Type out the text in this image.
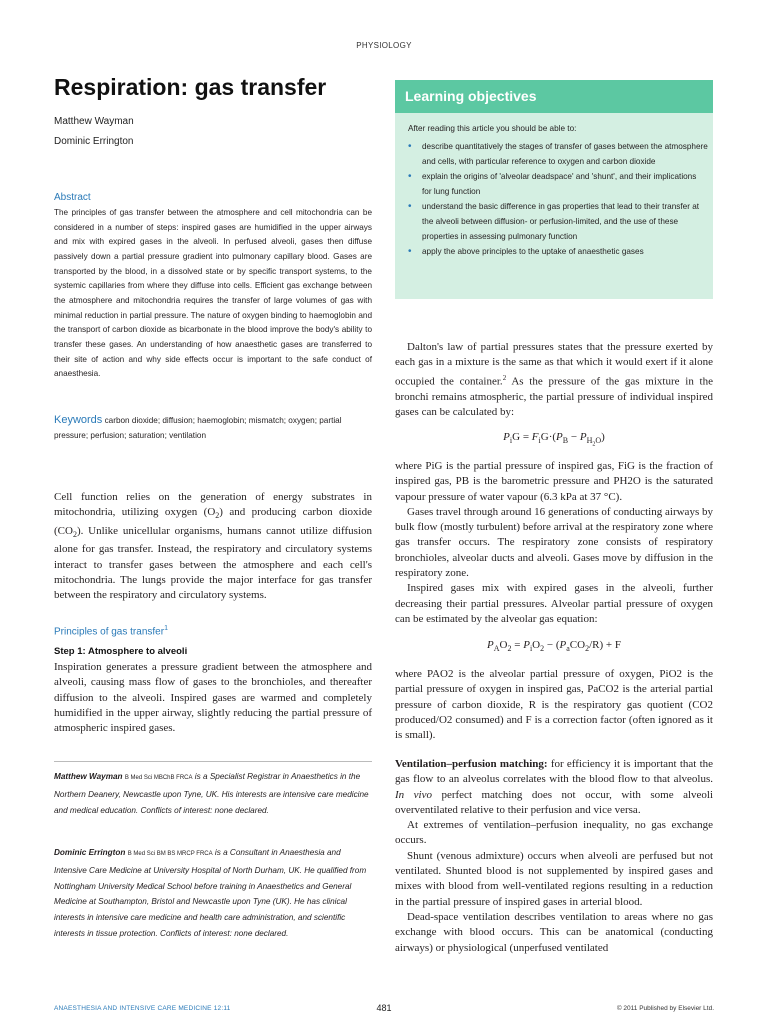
PHYSIOLOGY
Respiration: gas transfer
Matthew Wayman
Dominic Errington
Abstract
The principles of gas transfer between the atmosphere and cell mitochondria can be considered in a number of steps: inspired gases are humidified in the upper airways and mix with expired gases in the alveoli. In perfused alveoli, gases then diffuse passively down a partial pressure gradient into pulmonary capillary blood. Gases are transported by the blood, in a dissolved state or by specific transport systems, to the systemic capillaries from where they diffuse into cells. Efficient gas exchange between the atmosphere and mitochondria requires the transfer of large volumes of gas with minimal reduction in partial pressure. The nature of oxygen binding to haemoglobin and the transport of carbon dioxide as bicarbonate in the blood improve the body's ability to transfer these gases. An understanding of how anaesthetic gases are transferred to their site of action and why side effects occur is important to the safe conduct of anaesthesia.
Keywords carbon dioxide; diffusion; haemoglobin; mismatch; oxygen; partial pressure; perfusion; saturation; ventilation
Cell function relies on the generation of energy substrates in mitochondria, utilizing oxygen $(O_2)$ and producing carbon dioxide $(CO_2)$. Unlike unicellular organisms, humans cannot utilize diffusion alone for gas transfer. Instead, the respiratory and circulatory systems interact to transfer gases between the atmosphere and each cell's mitochondria. The lungs provide the major interface for gas transfer between the respiratory and circulatory systems.
Principles of gas transfer$^1$
Step 1: Atmosphere to alveoli
Inspiration generates a pressure gradient between the atmosphere and alveoli, causing mass flow of gases to the bronchioles, and thereafter diffusion to the alveoli. Inspired gases are warmed and completely humidified in the upper airway, slightly reducing the partial pressure of atmospheric inspired gases.
Matthew Wayman B Med Sci MBChB FRCA is a Specialist Registrar in Anaesthetics in the Northern Deanery, Newcastle upon Tyne, UK. His interests are intensive care medicine and medical education. Conflicts of interest: none declared.
Dominic Errington B Med Sci BM BS MRCP FRCA is a Consultant in Anaesthesia and Intensive Care Medicine at University Hospital of North Durham, UK. He qualified from Nottingham University Medical School before training in Anaesthetics and General Medicine at Southampton, Bristol and Newcastle upon Tyne (UK). He has clinical interests in intensive care medicine and health care administration, and scientific interests in tissue protection. Conflicts of interest: none declared.
Learning objectives
After reading this article you should be able to:
• describe quantitatively the stages of transfer of gases between the atmosphere and cells, with particular reference to oxygen and carbon dioxide
• explain the origins of 'alveolar deadspace' and 'shunt', and their implications for lung function
• understand the basic difference in gas properties that lead to their transfer at the alveoli between diffusion- or perfusion-limited, and the use of these properties in assessing pulmonary function
• apply the above principles to the uptake of anaesthetic gases
Dalton's law of partial pressures states that the pressure exerted by each gas in a mixture is the same as that which it would exert if it alone occupied the container.$^2$ As the pressure of the gas mixture in the bronchi remains atmospheric, the partial pressure of individual inspired gases can be calculated by:
$P_iG = F_iG\cdot(P_B - P_{H_2O})$
where PiG is the partial pressure of inspired gas, FiG is the fraction of inspired gas, PB is the barometric pressure and PH2O is the saturated vapour pressure of water vapour (6.3 kPa at 37 °C).
Gases travel through around 16 generations of conducting airways by bulk flow (mostly turbulent) before arrival at the respiratory zone where gas transfer occurs. The respiratory zone consists of respiratory bronchioles, alveolar ducts and alveoli. Gases move by diffusion in the respiratory zone.
Inspired gases mix with expired gases in the alveoli, further decreasing their partial pressures. Alveolar partial pressure of oxygen can be estimated by the alveolar gas equation:
$P_AO_2 = P_iO_2 - (P_aCO_2/R) + F$
where PAO2 is the alveolar partial pressure of oxygen, PiO2 is the partial pressure of oxygen in inspired gas, PaCO2 is the arterial partial pressure of carbon dioxide, R is the respiratory gas quotient (CO2 produced/O2 consumed) and F is a correction factor (often ignored as it is small).
Ventilation–perfusion matching: for efficiency it is important that the gas flow to an alveolus correlates with the blood flow to that alveolus. In vivo perfect matching does not occur, with some alveoli overventilated relative to their perfusion and vice versa.
At extremes of ventilation–perfusion inequality, no gas exchange occurs.
Shunt (venous admixture) occurs when alveoli are perfused but not ventilated. Shunted blood is not supplemented by inspired gases and mixes with blood from well-ventilated regions resulting in a reduction in the partial pressure of inspired gases in arterial blood.
Dead-space ventilation describes ventilation to areas where no gas exchange with blood occurs. This can be anatomical (conducting airways) or physiological (unperfused ventilated
ANAESTHESIA AND INTENSIVE CARE MEDICINE 12:11	481	© 2011 Published by Elsevier Ltd.
